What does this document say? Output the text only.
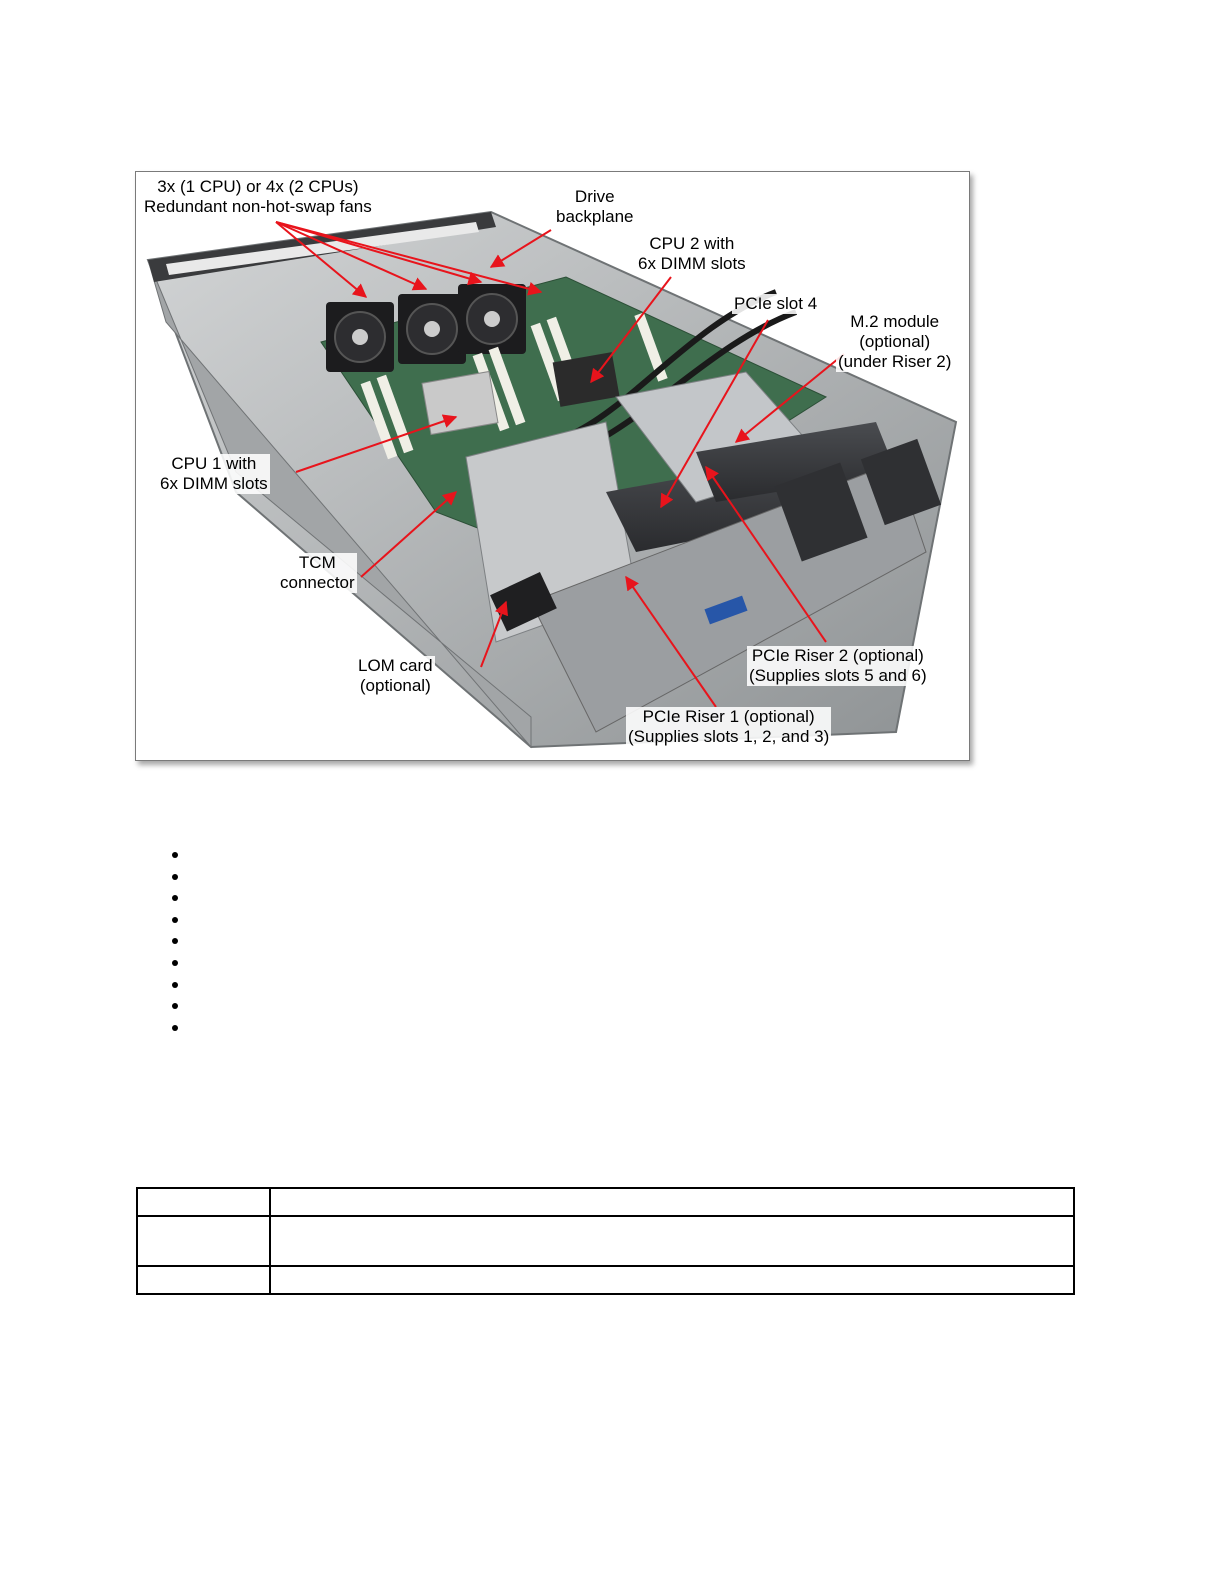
3x (1 CPU) or 4x (2 CPUs)
Redundant non-hot-swap fans
Drive
backplane
CPU 2 with
6x DIMM slots
PCIe slot 4
M.2 module
(optional)
(under Riser 2)
CPU 1 with
6x DIMM slots
TCM
connector
LOM card
(optional)
PCIe Riser 2 (optional)
(Supplies slots 5 and 6)
PCIe Riser 1 (optional)
(Supplies slots 1, 2, and 3)
